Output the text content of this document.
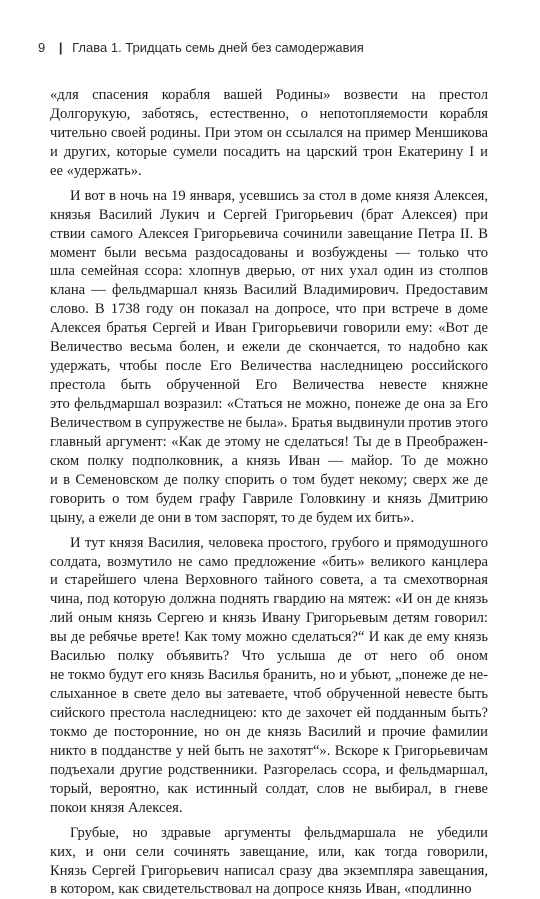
9 | Глава 1. Тридцать семь дней без самодержавия
«для спасения корабля вашей Родины» возвести на престол
Долгорукую, заботясь, естественно, о непотопляемости корабля
чительно своей родины. При этом он ссылался на пример Меншикова
и других, которые сумели посадить на царский трон Екатерину I и
ее «удержать».
И вот в ночь на 19 января, усевшись за стол в доме князя Алексея,
князья Василий Лукич и Сергей Григорьевич (брат Алексея) при
ствии самого Алексея Григорьевича сочинили завещание Петра II. В
момент были весьма раздосадованы и возбуждены — только что
шла семейная ссора: хлопнув дверью, от них ухал один из столпов
клана — фельдмаршал князь Василий Владимирович. Предоставим
слово. В 1738 году он показал на допросе, что при встрече в доме
Алексея братья Сергей и Иван Григорьевичи говорили ему: «Вот де
Величество весьма болен, и ежели де скончается, то надобно как
удержать, чтобы после Его Величества наследницею российского
престола быть обрученной Его Величества невесте княжне
это фельдмаршал возразил: «Статься не можно, понеже де она за Его
Величеством в супружестве не была». Братья выдвинули против этого
главный аргумент: «Как де этому не сделаться! Ты де в Преображен-
ском полку подполковник, а князь Иван — майор. То де можно
и в Семеновском де полку спорить о том будет некому; сверх же де
говорить о том будем графу Гавриле Головкину и князь Дмитрию
цыну, а ежели де они в том заспорят, то де будем их бить».
И тут князя Василия, человека простого, грубого и прямодушного
солдата, возмутило не само предложение «бить» великого канцлера
и старейшего члена Верховного тайного совета, а та смехотворная
чина, под которую должна поднять гвардию на мятеж: «И он де князь
лий оным князь Сергею и князь Ивану Григорьевым детям говорил:
вы де ребячье врете! Как тому можно сделаться?“ И как де ему князь
Василью полку объявить? Что услыша де от него об оном
не токмо будут его князь Василья бранить, но и убьют, „понеже де не-
слыханное в свете дело вы затеваете, чтоб обрученной невесте быть
сийского престола наследницею: кто де захочет ей подданным быть?
токмо де посторонние, но он де князь Василий и прочие фамилии
никто в подданстве у ней быть не захотят“». Вскоре к Григорьевичам
подъехали другие родственники. Разгорелась ссора, и фельдмаршал,
торый, вероятно, как истинный солдат, слов не выбирал, в гневе
покои князя Алексея.
Грубые, но здравые аргументы фельдмаршала не убедили
ких, и они сели сочинять завещание, или, как тогда говорили,
Князь Сергей Григорьевич написал сразу два экземпляра завещания,
в котором, как свидетельствовал на допросе князь Иван, «подлинно
